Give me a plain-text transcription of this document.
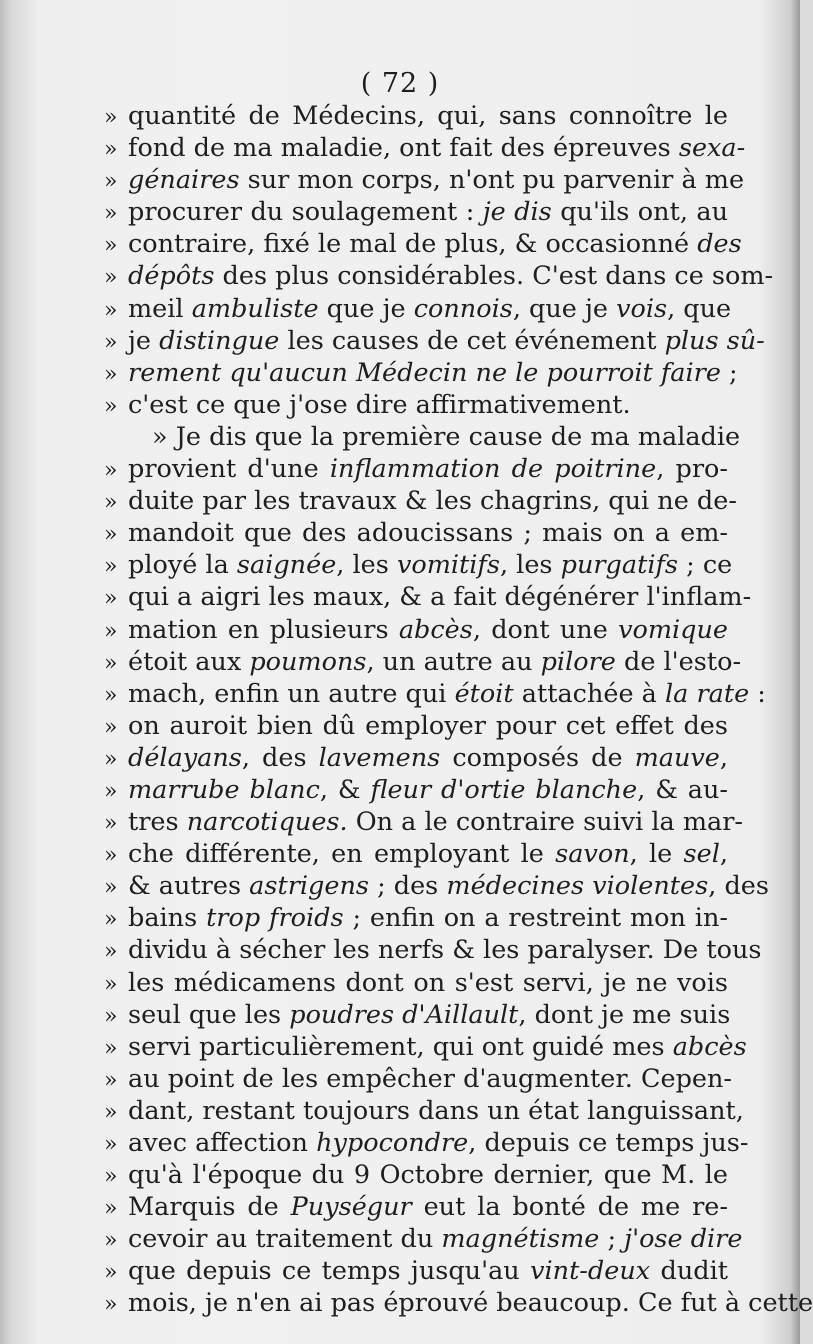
( 72 )
» quantité de Médecins, qui, sans connoître le
» fond de ma maladie, ont fait des épreuves sexa-
» génaires sur mon corps, n'ont pu parvenir à me
» procurer du soulagement : je dis qu'ils ont, au
» contraire, fixé le mal de plus, & occasionné des
» dépôts des plus considérables. C'est dans ce som-
» meil ambuliste que je connois, que je vois, que
» je distingue les causes de cet événement plus sû-
» rement qu'aucun Médecin ne le pourroit faire ;
» c'est ce que j'ose dire affirmativement.
» Je dis que la première cause de ma maladie
» provient d'une inflammation de poitrine, pro-
» duite par les travaux & les chagrins, qui ne de-
» mandoit que des adoucissans ; mais on a em-
» ployé la saignée, les vomitifs, les purgatifs ; ce
» qui a aigri les maux, & a fait dégénérer l'inflam-
» mation en plusieurs abcès, dont une vomique
» étoit aux poumons, un autre au pilore de l'esto-
» mach, enfin un autre qui étoit attachée à la rate :
» on auroit bien dû employer pour cet effet des
» délayans, des lavemens composés de mauve,
» marrube blanc, & fleur d'ortie blanche, & au-
» tres narcotiques. On a le contraire suivi la mar-
» che différente, en employant le savon, le sel,
» & autres astrigens ; des médecines violentes, des
» bains trop froids ; enfin on a restreint mon in-
» dividu à sécher les nerfs & les paralyser. De tous
» les médicamens dont on s'est servi, je ne vois
» seul que les poudres d'Aillault, dont je me suis
» servi particulièrement, qui ont guidé mes abcès
» au point de les empêcher d'augmenter. Cepen-
» dant, restant toujours dans un état languissant,
» avec affection hypocondre, depuis ce temps jus-
» qu'à l'époque du 9 Octobre dernier, que M. le
» Marquis de Puységur eut la bonté de me re-
» cevoir au traitement du magnétisme ; j'ose dire
» que depuis ce temps jusqu'au vint-deux dudit
» mois, je n'en ai pas éprouvé beaucoup. Ce fut à cette
